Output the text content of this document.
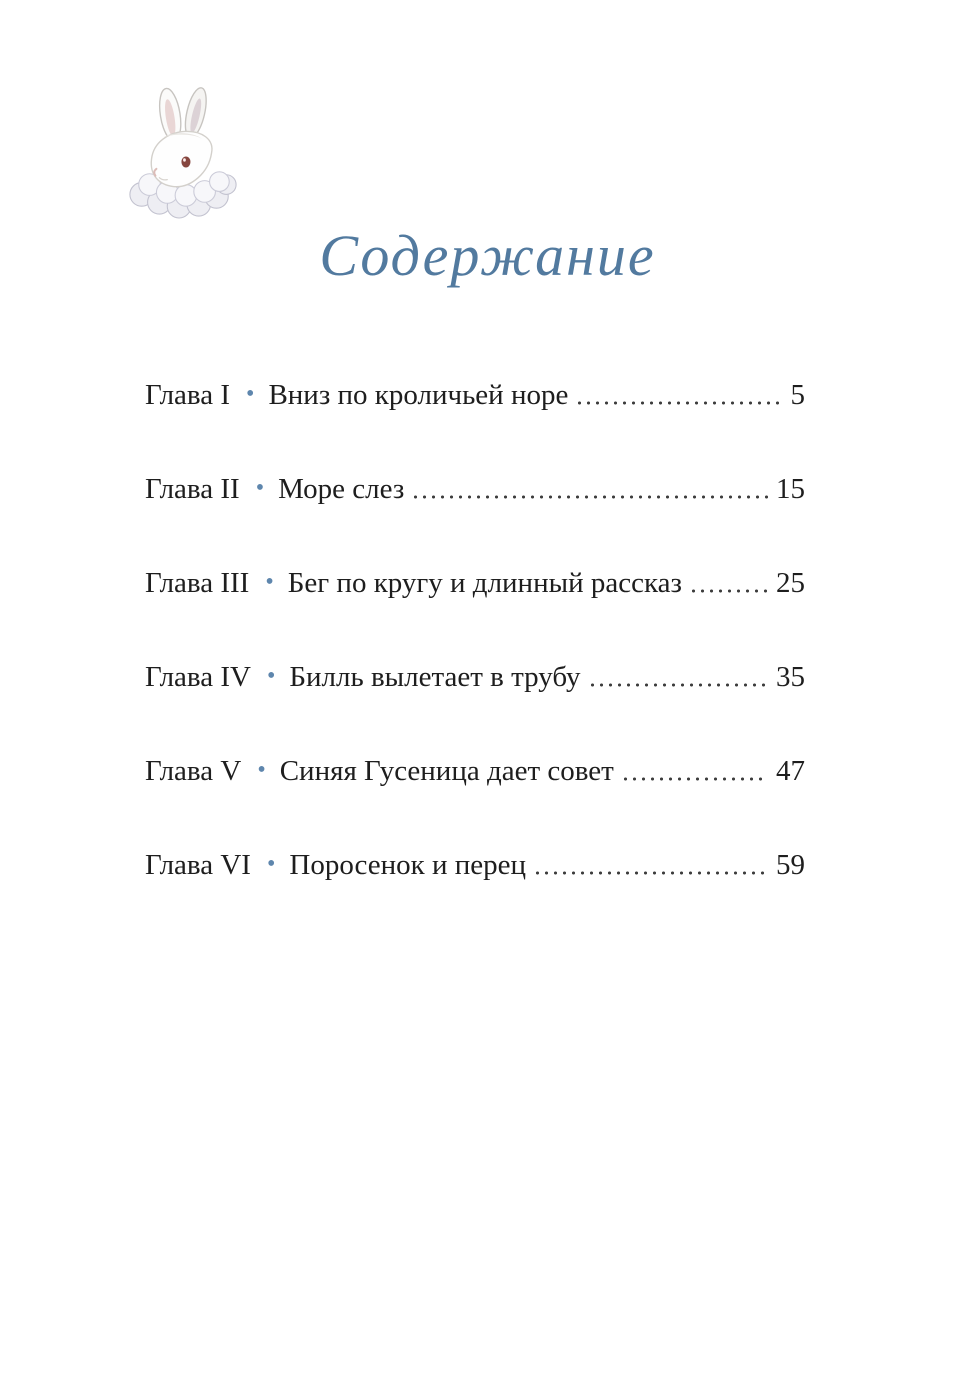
Содержание
Глава I • Вниз по кроличьей норе	5
Глава II • Море слез	15
Глава III • Бег по кругу и длинный рассказ	25
Глава IV • Билль вылетает в трубу	35
Глава V • Синяя Гусеница дает совет	47
Глава VI • Поросенок и перец	59
